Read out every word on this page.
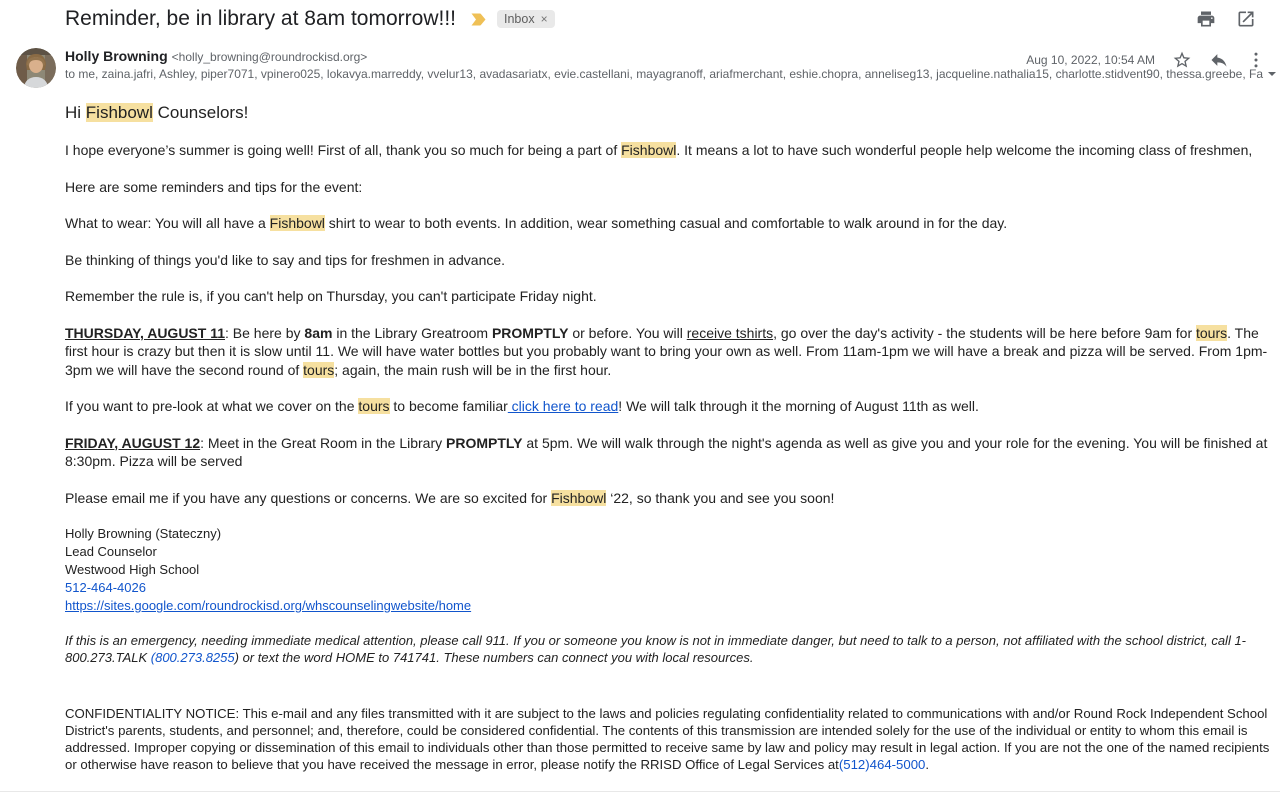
Reminder, be in library at 8am tomorrow!!!	Inbox ×
Holly Browning <holly_browning@roundrockisd.org>
to me, zaina.jafri, Ashley, piper7071, vpinero025, lokavya.marreddy, vvelur13, avadasariatx, evie.castellani, mayagranoff, ariafmerchant, eshie.chopra, anneliseg13, jacqueline.nathalia15, charlotte.stidvent90, thessa.greebe, Fa
Aug 10, 2022, 10:54 AM

Hi Fishbowl Counselors!

I hope everyone’s summer is going well! First of all, thank you so much for being a part of Fishbowl. It means a lot to have such wonderful people help welcome the incoming class of freshmen,

Here are some reminders and tips for the event:

What to wear: You will all have a Fishbowl shirt to wear to both events. In addition, wear something casual and comfortable to walk around in for the day.

Be thinking of things you'd like to say and tips for freshmen in advance.

Remember the rule is, if you can't help on Thursday, you can't participate Friday night.

THURSDAY, AUGUST 11: Be here by 8am in the Library Greatroom PROMPTLY or before. You will receive tshirts, go over the day's activity - the students will be here before 9am for tours. The first hour is crazy but then it is slow until 11. We will have water bottles but you probably want to bring your own as well. From 11am-1pm we will have a break and pizza will be served. From 1pm-3pm we will have the second round of tours; again, the main rush will be in the first hour.

If you want to pre-look at what we cover on the tours to become familiar click here to read! We will talk through it the morning of August 11th as well.

FRIDAY, AUGUST 12: Meet in the Great Room in the Library PROMPTLY at 5pm. We will walk through the night's agenda as well as give you and your role for the evening. You will be finished at 8:30pm. Pizza will be served

Please email me if you have any questions or concerns. We are so excited for Fishbowl ‘22, so thank you and see you soon!

Holly Browning (Stateczny)

Lead Counselor

Westwood High School

512-464-4026

https://sites.google.com/roundrockisd.org/whscounselingwebsite/home

If this is an emergency, needing immediate medical attention, please call 911. If you or someone you know is not in immediate danger, but need to talk to a person, not affiliated with the school district, call 1-800.273.TALK (800.273.8255) or text the word HOME to 741741. These numbers can connect you with local resources.

CONFIDENTIALITY NOTICE: This e-mail and any files transmitted with it are subject to the laws and policies regulating confidentiality related to communications with and/or Round Rock Independent School District's parents, students, and personnel; and, therefore, could be considered confidential. The contents of this transmission are intended solely for the use of the individual or entity to whom this email is addressed. Improper copying or dissemination of this email to individuals other than those permitted to receive same by law and policy may result in legal action. If you are not the one of the named recipients or otherwise have reason to believe that you have received the message in error, please notify the RRISD Office of Legal Services at(512)464-5000.
